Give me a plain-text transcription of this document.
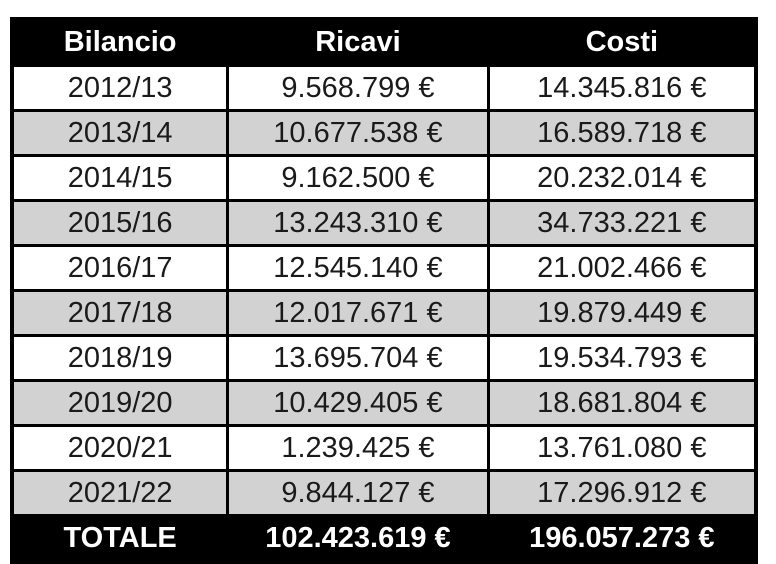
Bilancio	Ricavi	Costi
2012/13	9.568.799 €	14.345.816 €
2013/14	10.677.538 €	16.589.718 €
2014/15	9.162.500 €	20.232.014 €
2015/16	13.243.310 €	34.733.221 €
2016/17	12.545.140 €	21.002.466 €
2017/18	12.017.671 €	19.879.449 €
2018/19	13.695.704 €	19.534.793 €
2019/20	10.429.405 €	18.681.804 €
2020/21	1.239.425 €	13.761.080 €
2021/22	9.844.127 €	17.296.912 €
TOTALE	102.423.619 €	196.057.273 €
